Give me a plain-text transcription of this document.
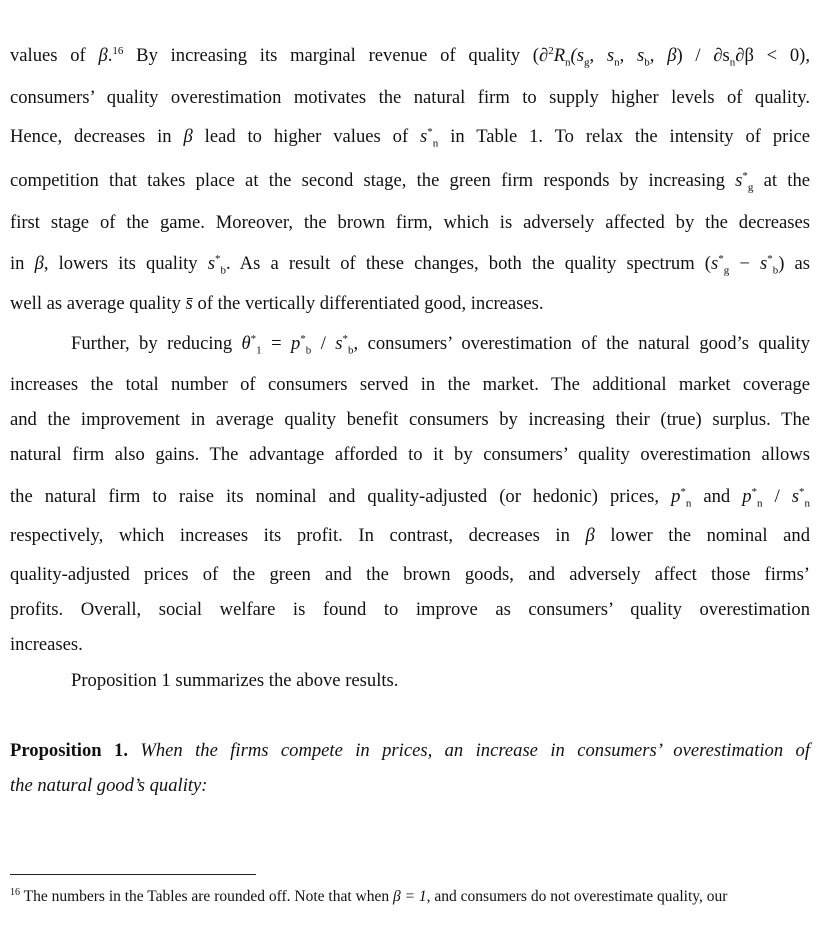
values of β.$^{16}$ By increasing its marginal revenue of quality ($\partial^2R_n(s_g$, $s_n$, $s_b$, $\beta) / \partial s_n\partial\beta < 0$),
consumers’ quality overestimation motivates the natural firm to supply higher levels of quality.
Hence, decreases in β lead to higher values of $s^*_n$ in Table 1. To relax the intensity of price
competition that takes place at the second stage, the green firm responds by increasing $s^*_g$ at the
first stage of the game. Moreover, the brown firm, which is adversely affected by the decreases
in β, lowers its quality $s^*_b$. As a result of these changes, both the quality spectrum $(s^*_g - s^*_b)$ as
well as average quality s̄ of the vertically differentiated good, increases.
Further, by reducing $\theta^*_1 = p^*_b / s^*_b$, consumers’ overestimation of the natural good’s quality
increases the total number of consumers served in the market. The additional market coverage
and the improvement in average quality benefit consumers by increasing their (true) surplus. The
natural firm also gains. The advantage afforded to it by consumers’ quality overestimation allows
the natural firm to raise its nominal and quality-adjusted (or hedonic) prices, $p^*_n$ and $p^*_n / s^*_n$
respectively, which increases its profit. In contrast, decreases in β lower the nominal and
quality-adjusted prices of the green and the brown goods, and adversely affect those firms’
profits. Overall, social welfare is found to improve as consumers’ quality overestimation
increases.
Proposition 1 summarizes the above results.
Proposition 1. When the firms compete in prices, an increase in consumers’ overestimation of
the natural good’s quality:
$^{16}$ The numbers in the Tables are rounded off. Note that when β = 1, and consumers do not overestimate quality, our
